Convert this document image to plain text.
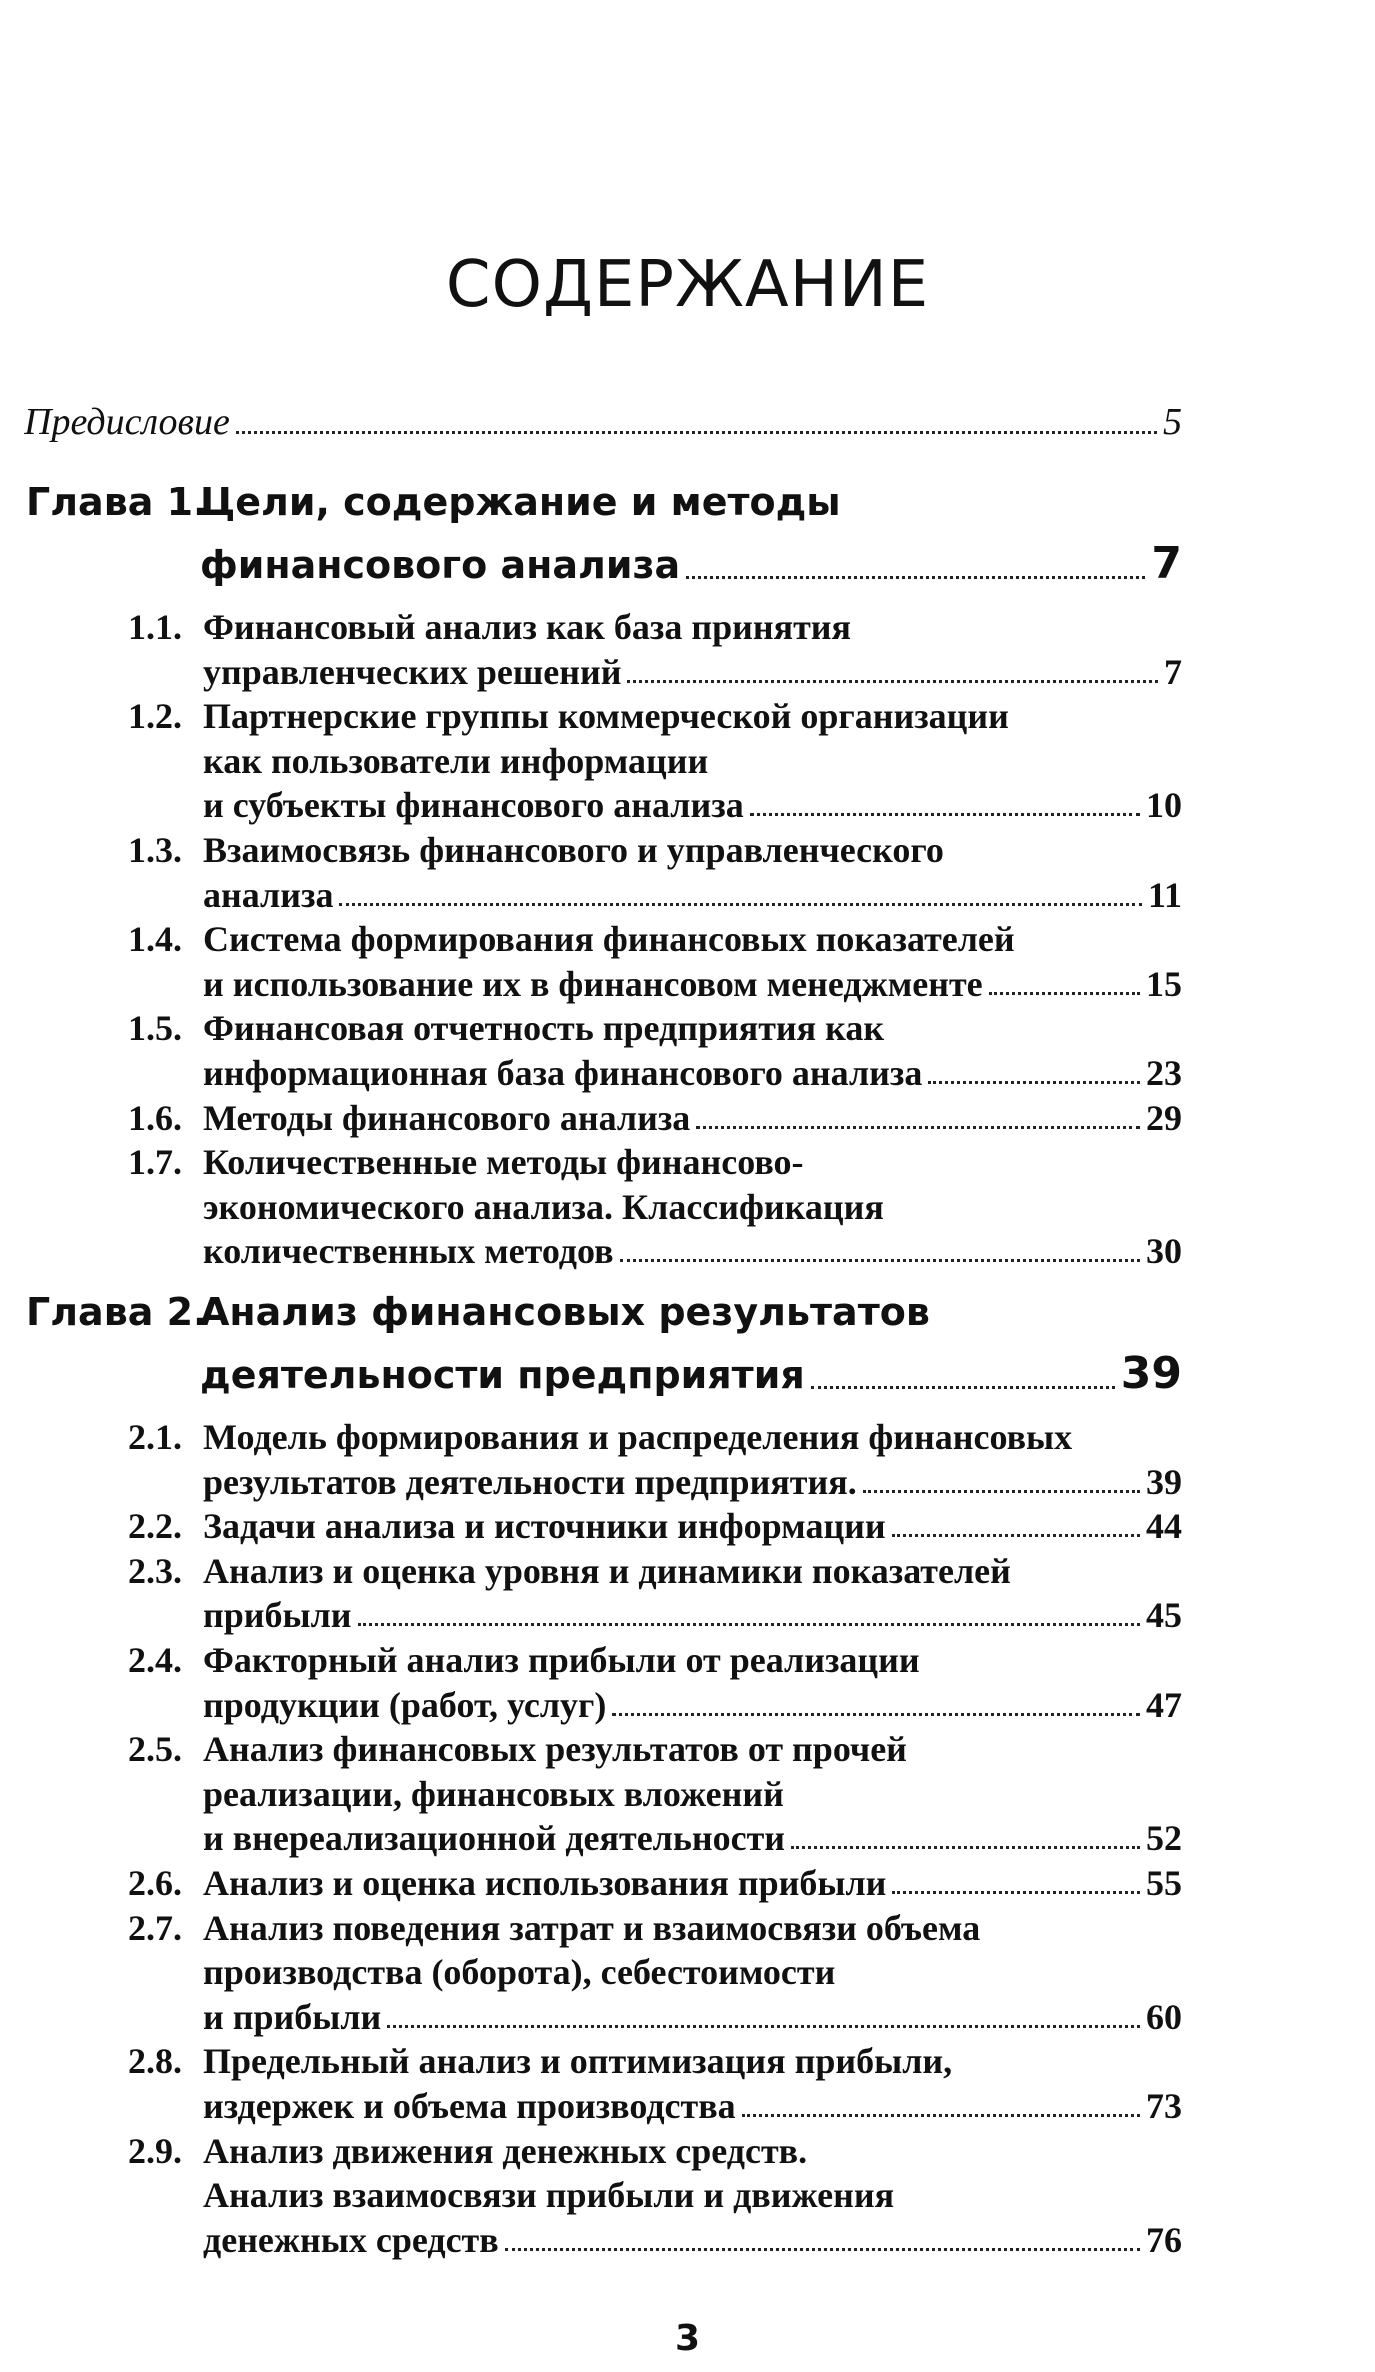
СОДЕРЖАНИЕ
Предисловие	5
Глава 1.
Цели, содержание и методы
финансового анализа	7
1.1. Финансовый анализ как база принятия
управленческих решений	7
1.2. Партнерские группы коммерческой организации
как пользователи информации
и субъекты финансового анализа	10
1.3. Взаимосвязь финансового и управленческого
анализа	11
1.4. Система формирования финансовых показателей
и использование их в финансовом менеджменте	15
1.5. Финансовая отчетность предприятия как
информационная база финансового анализа	23
1.6. Методы финансового анализа	29
1.7. Количественные методы финансово-
экономического анализа. Классификация
количественных методов	30
Глава 2.
Анализ финансовых результатов
деятельности предприятия	39
2.1. Модель формирования и распределения финансовых
результатов деятельности предприятия.	39
2.2. Задачи анализа и источники информации	44
2.3. Анализ и оценка уровня и динамики показателей
прибыли	45
2.4. Факторный анализ прибыли от реализации
продукции (работ, услуг)	47
2.5. Анализ финансовых результатов от прочей
реализации, финансовых вложений
и внереализационной деятельности	52
2.6. Анализ и оценка использования прибыли	55
2.7. Анализ поведения затрат и взаимосвязи объема
производства (оборота), себестоимости
и прибыли	60
2.8. Предельный анализ и оптимизация прибыли,
издержек и объема производства	73
2.9. Анализ движения денежных средств.
Анализ взаимосвязи прибыли и движения
денежных средств	76
3
